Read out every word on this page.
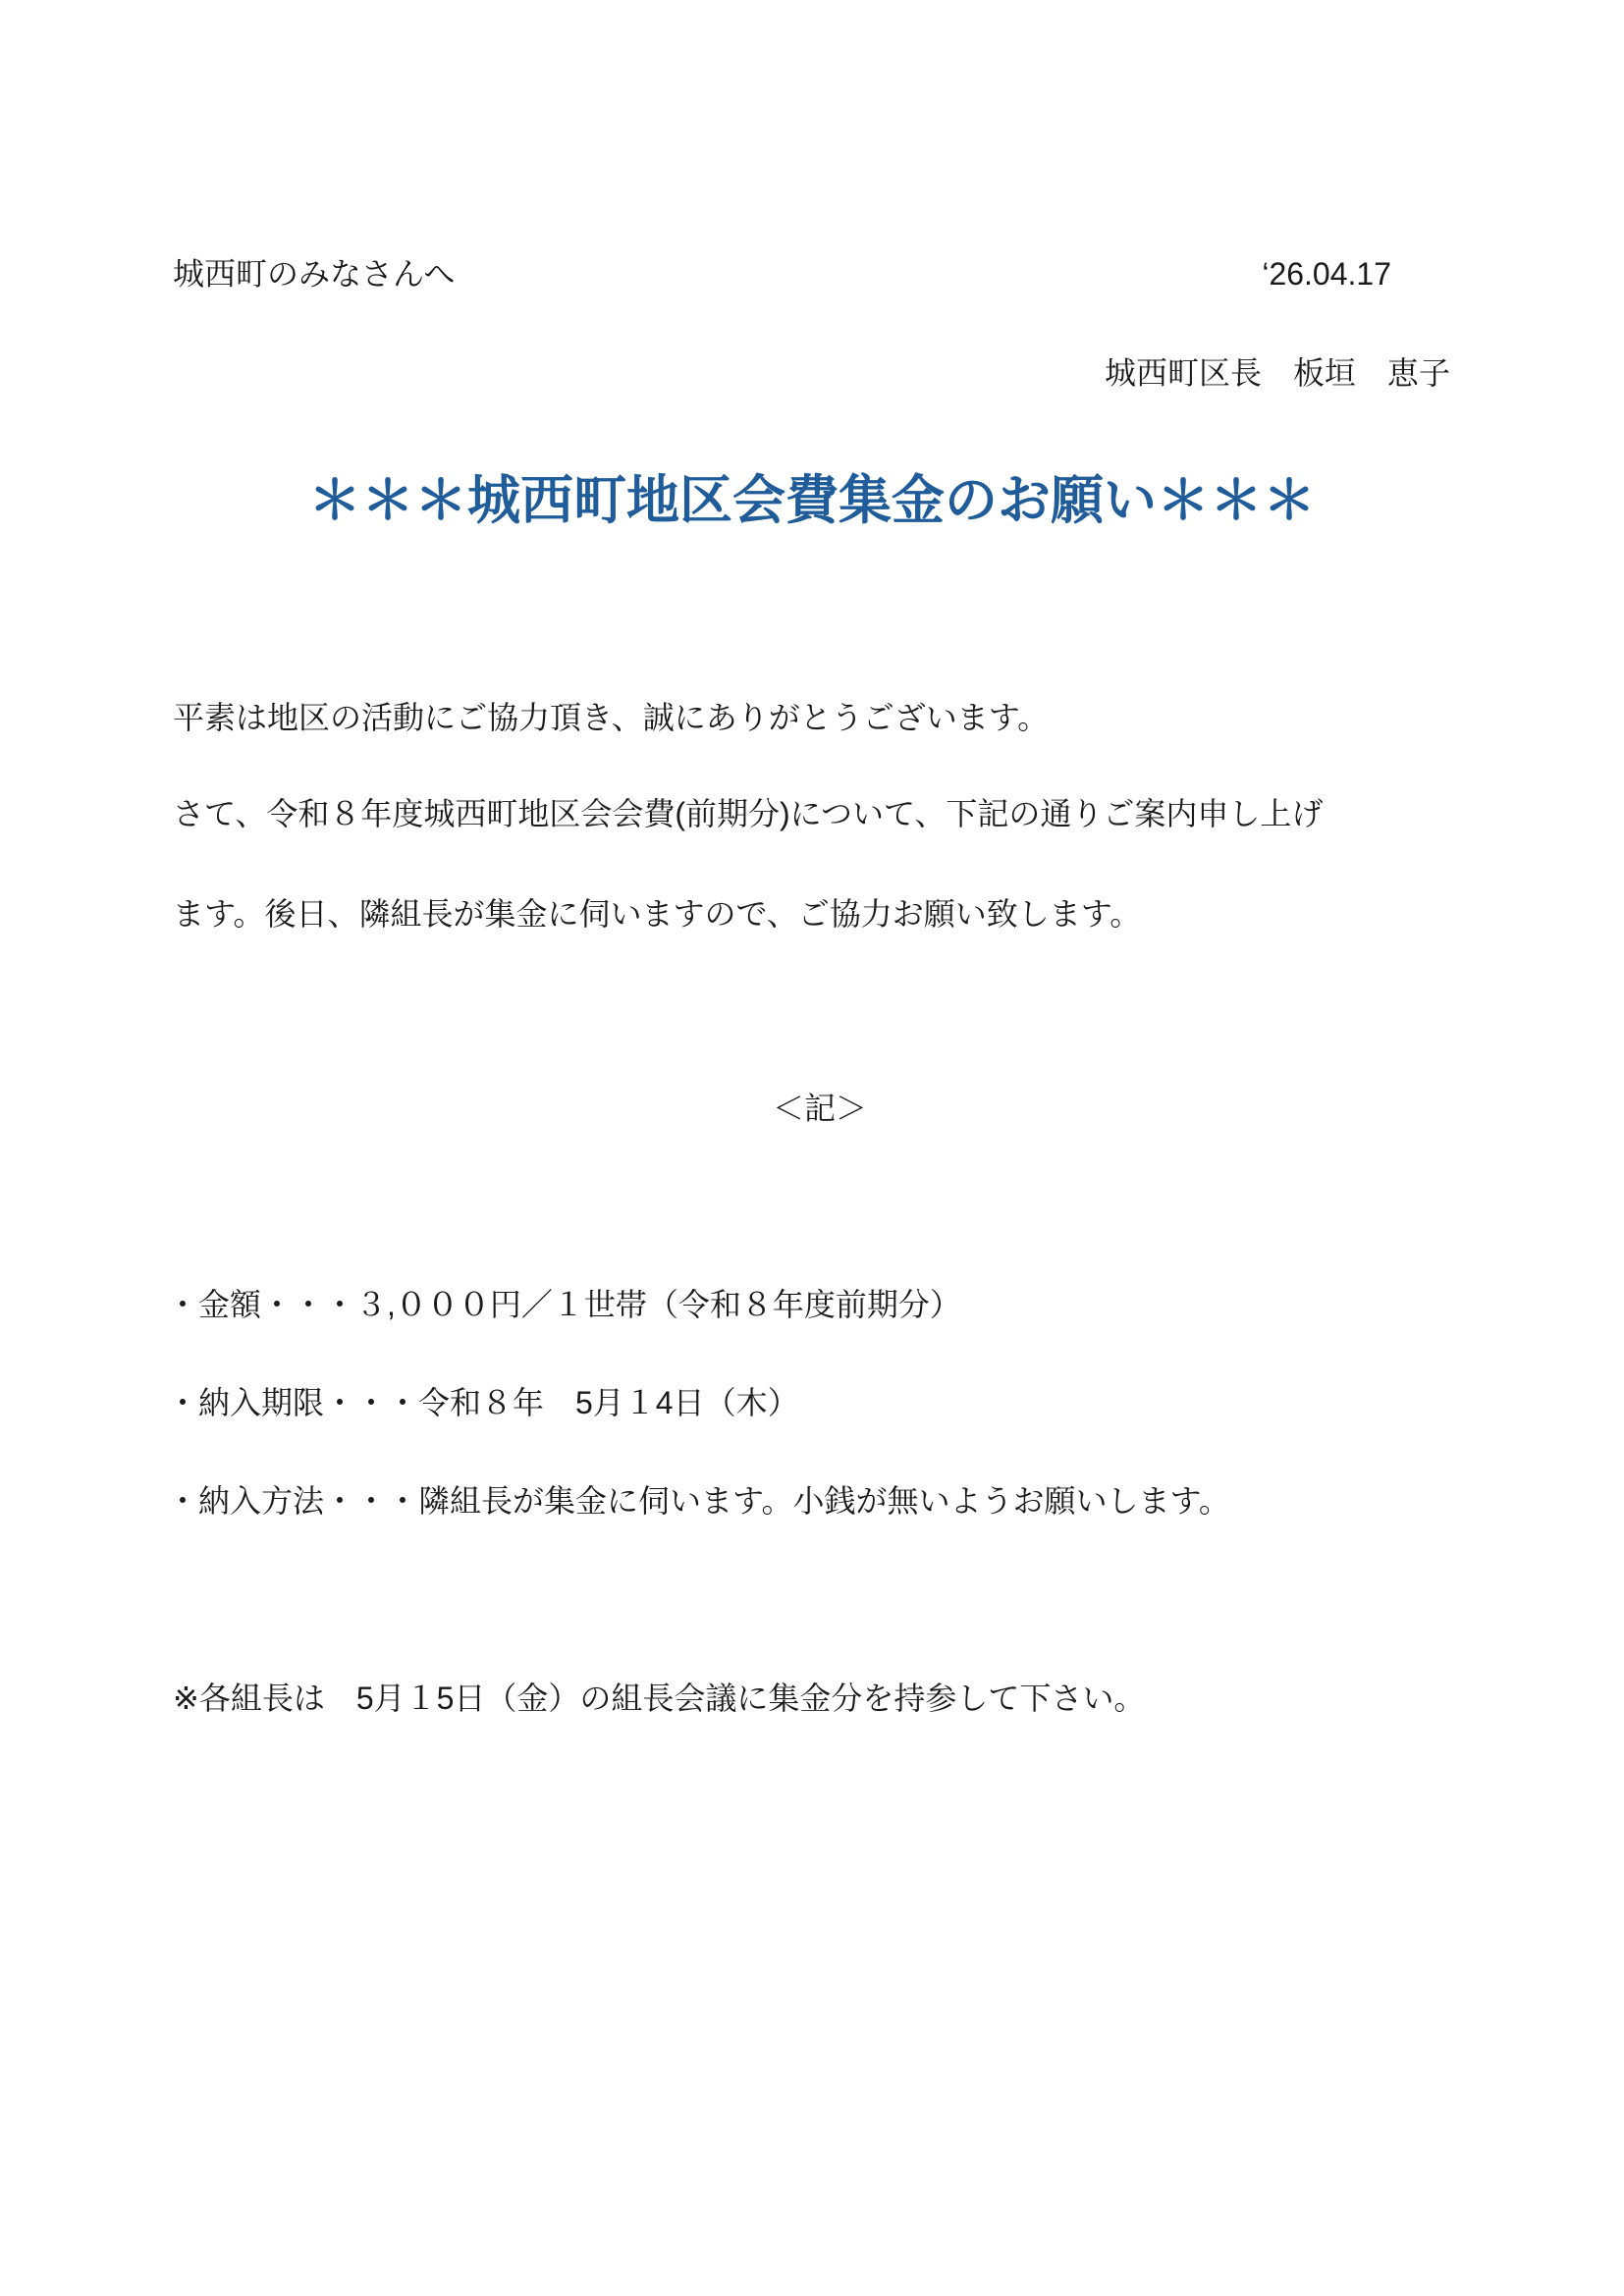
城西町のみなさんへ	‘26.04.17
城西町区長　板垣　恵子
＊＊＊城西町地区会費集金のお願い＊＊＊
平素は地区の活動にご協力頂き、誠にありがとうございます。
さて、令和８年度城西町地区会会費(前期分)について、下記の通りご案内申し上げ
ます。後日、隣組長が集金に伺いますので、ご協力お願い致します。
＜記＞
・金額・・・３,０００円／１世帯（令和８年度前期分）
・納入期限・・・令和８年　5月１4日（木）
・納入方法・・・隣組長が集金に伺います。小銭が無いようお願いします。
※各組長は　5月１5日（金）の組長会議に集金分を持参して下さい。
